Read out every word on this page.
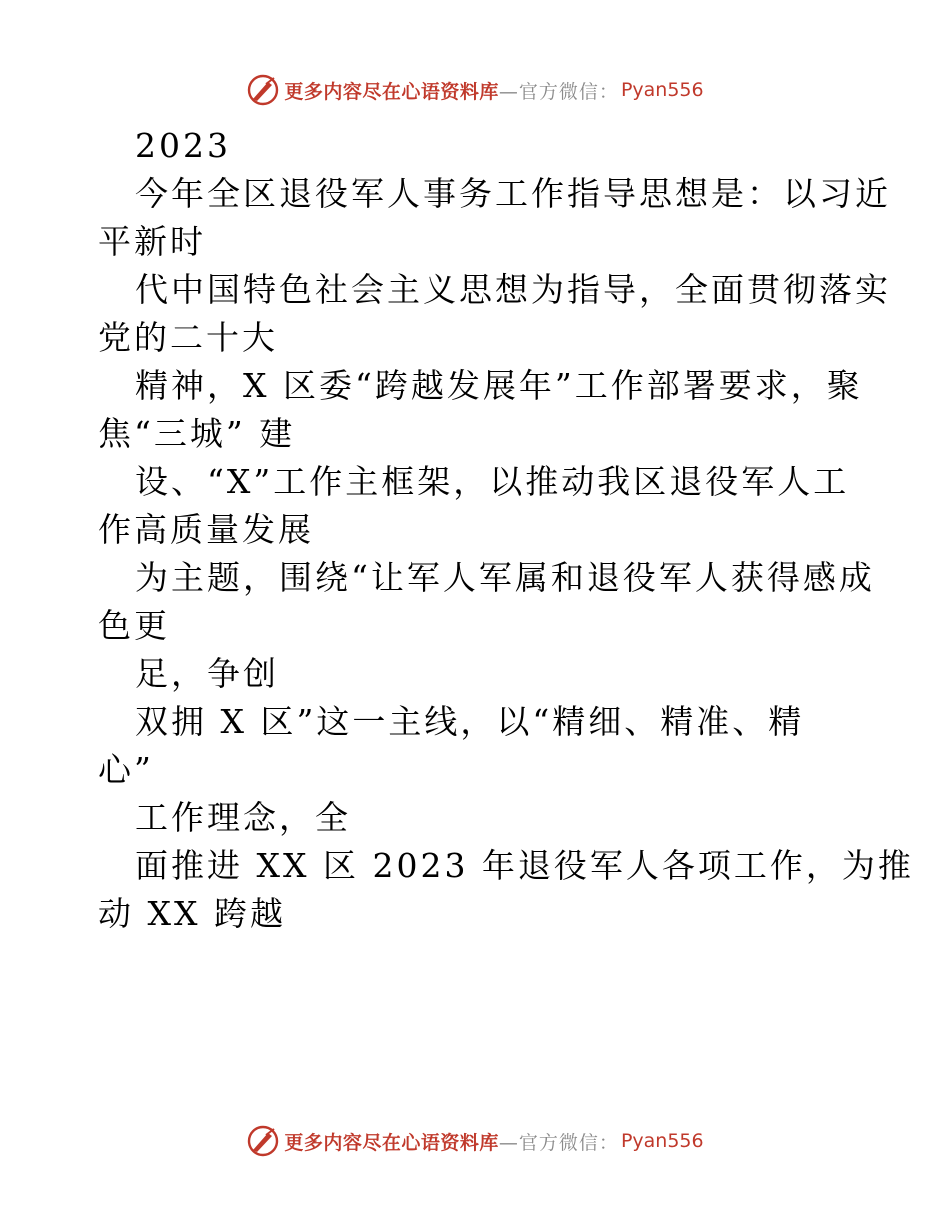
更多内容尽在心语资料库 —官方微信： Pyan556
2023
今年全区退役军人事务工作指导思想是：以习近
平新时
代中国特色社会主义思想为指导，全面贯彻落实
党的二十大
精神，X 区委“跨越发展年”工作部署要求，聚
焦“三城” 建
设、“X”工作主框架，以推动我区退役军人工
作高质量发展
为主题，围绕“让军人军属和退役军人获得感成
色更
足，争创
双拥 X 区”这一主线，以“精细、精准、精
心”
工作理念，全
面推进 XX 区 2023 年退役军人各项工作，为推
动 XX 跨越
更多内容尽在心语资料库 —官方微信： Pyan556
